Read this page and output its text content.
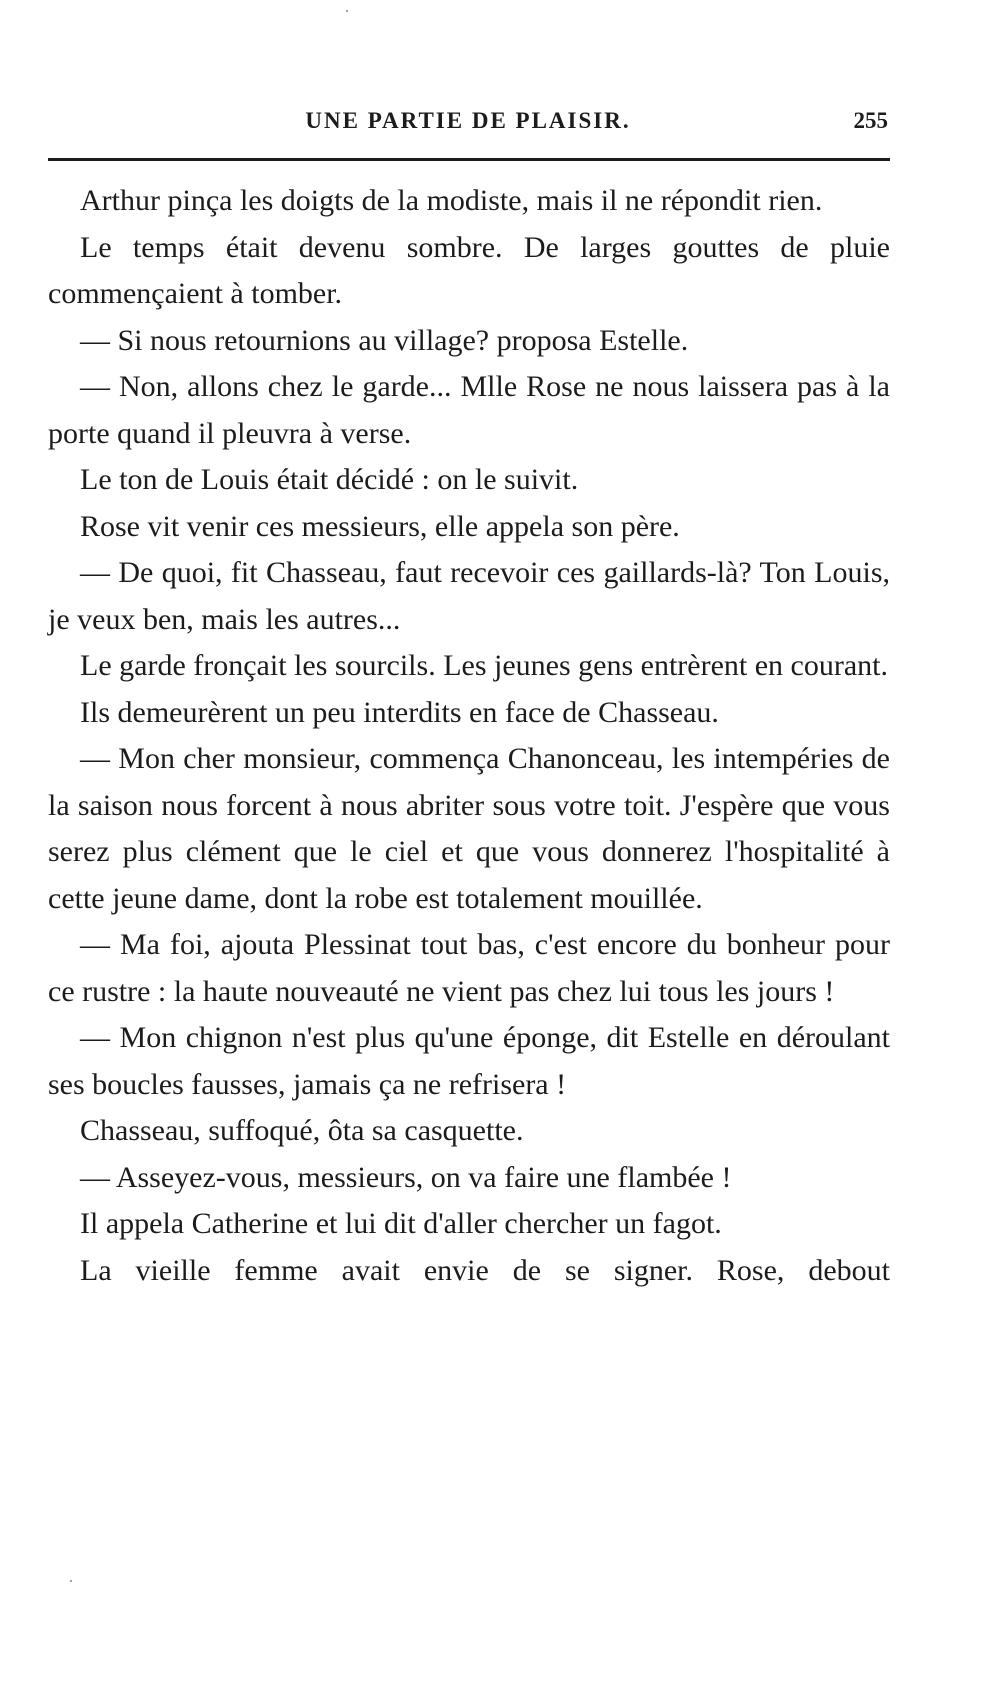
UNE PARTIE DE PLAISIR.	255

Arthur pinça les doigts de la modiste, mais il ne répondit rien.

Le temps était devenu sombre. De larges gouttes de pluie commençaient à tomber.

— Si nous retournions au village? proposa Estelle.

— Non, allons chez le garde... Mlle Rose ne nous laissera pas à la porte quand il pleuvra à verse.

Le ton de Louis était décidé : on le suivit.

Rose vit venir ces messieurs, elle appela son père.

— De quoi, fit Chasseau, faut recevoir ces gaillards-là? Ton Louis, je veux ben, mais les autres...

Le garde fronçait les sourcils. Les jeunes gens entrèrent en courant.

Ils demeurèrent un peu interdits en face de Chasseau.

— Mon cher monsieur, commença Chanonceau, les intempéries de la saison nous forcent à nous abriter sous votre toit. J'espère que vous serez plus clément que le ciel et que vous donnerez l'hospitalité à cette jeune dame, dont la robe est totalement mouillée.

— Ma foi, ajouta Plessinat tout bas, c'est encore du bonheur pour ce rustre : la haute nouveauté ne vient pas chez lui tous les jours !

— Mon chignon n'est plus qu'une éponge, dit Estelle en déroulant ses boucles fausses, jamais ça ne refrisera !

Chasseau, suffoqué, ôta sa casquette.

— Asseyez-vous, messieurs, on va faire une flambée !

Il appela Catherine et lui dit d'aller chercher un fagot.

La vieille femme avait envie de se signer. Rose, debout
